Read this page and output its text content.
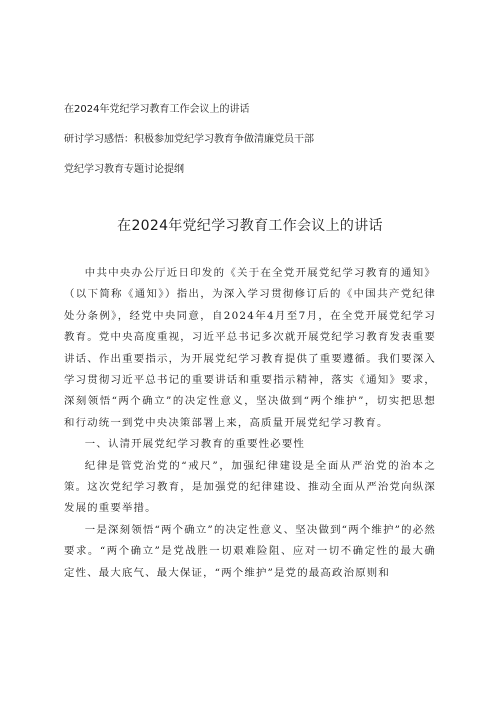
在2024年党纪学习教育工作会议上的讲话
研讨学习感悟：积极参加党纪学习教育争做清廉党员干部
党纪学习教育专题讨论提纲
在2024年党纪学习教育工作会议上的讲话

中共中央办公厅近日印发的《关于在全党开展党纪学习教育的通知》（以下简称《通知》）指出，为深入学习贯彻修订后的《中国共产党纪律处分条例》，经党中央同意，自2024年4月至7月，在全党开展党纪学习教育。党中央高度重视，习近平总书记多次就开展党纪学习教育发表重要讲话、作出重要指示，为开展党纪学习教育提供了重要遵循。我们要深入学习贯彻习近平总书记的重要讲话和重要指示精神，落实《通知》要求，深刻领悟“两个确立”的决定性意义，坚决做到“两个维护”，切实把思想和行动统一到党中央决策部署上来，高质量开展党纪学习教育。

一、认清开展党纪学习教育的重要性必要性

纪律是管党治党的“戒尺”，加强纪律建设是全面从严治党的治本之策。这次党纪学习教育，是加强党的纪律建设、推动全面从严治党向纵深发展的重要举措。

一是深刻领悟“两个确立”的决定性意义、坚决做到“两个维护”的必然要求。“两个确立”是党战胜一切艰难险阻、应对一切不确定性的最大确定性、最大底气、最大保证，“两个维护”是党的最高政治原则和
